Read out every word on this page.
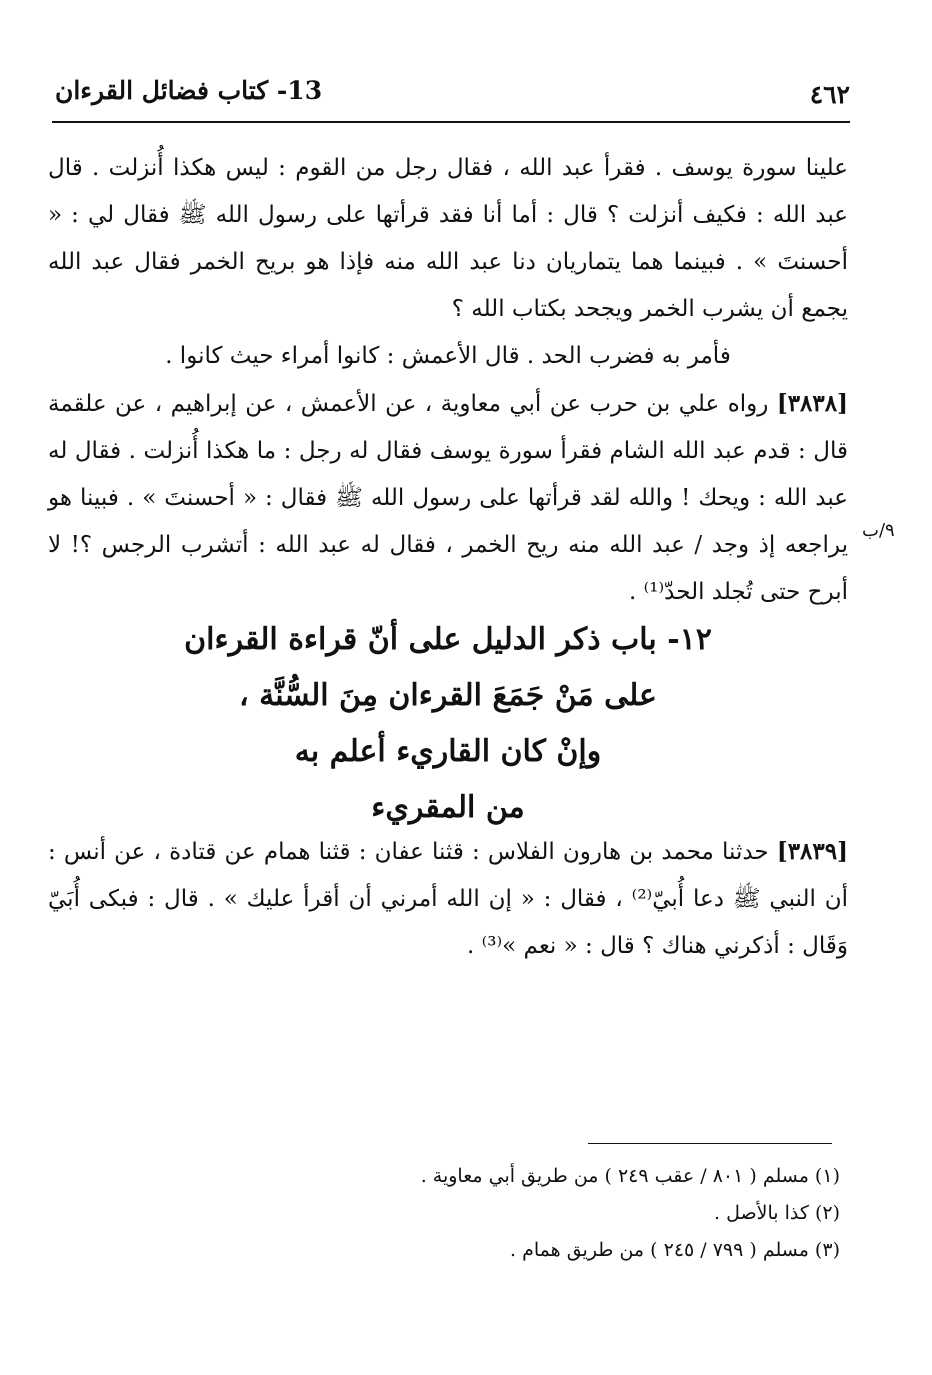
13- كتاب فضائل القرءان	٤٦٢

علينا سورة يوسف . فقرأ عبد الله ، فقال رجل من القوم : ليس هكذا أُنزلت . قال عبد الله : فكيف أنزلت ؟ قال : أما أنا فقد قرأتها على رسول الله ﷺ فقال لي : « أحسنتَ » . فبينما هما يتماريان دنا عبد الله منه فإذا هو بريح الخمر فقال عبد الله يجمع أن يشرب الخمر ويجحد بكتاب الله ؟

فأمر به فضرب الحد . قال الأعمش : كانوا أمراء حيث كانوا .

[٣٨٣٨] رواه علي بن حرب عن أبي معاوية ، عن الأعمش ، عن إبراهيم ، عن علقمة قال : قدم عبد الله الشام فقرأ سورة يوسف فقال له رجل : ما هكذا أُنزلت . فقال له عبد الله : ويحك ! والله لقد قرأتها على رسول الله ﷺ فقال : « أحسنتَ » . فبينا هو يراجعه إذ وجد / عبد الله منه ريح الخمر ، فقال له عبد الله : أتشرب الرجس ؟! لا أبرح حتى تُجلد الحدّ⁽¹⁾ .

٩/ب
١٢- باب ذكر الدليل على أنّ قراءة القرءان
على مَنْ جَمَعَ القرءان مِنَ السُّنَّة ،
وإنْ كان القاريء أعلم به
من المقريء

[٣٨٣٩] حدثنا محمد بن هارون الفلاس : قثنا عفان : قثنا همام عن قتادة ، عن أنس : أن النبي ﷺ دعا أُبيّ⁽²⁾ ، فقال : « إن الله أمرني أن أقرأ عليك » . قال : فبكى أُبَيّ وَقَال : أذكرني هناك ؟ قال : « نعم »⁽³⁾ .

(١) مسلم ( ٨٠١ / عقب ٢٤٩ ) من طريق أبي معاوية .
(٢) كذا بالأصل .
(٣) مسلم ( ٧٩٩ / ٢٤٥ ) من طريق همام .
